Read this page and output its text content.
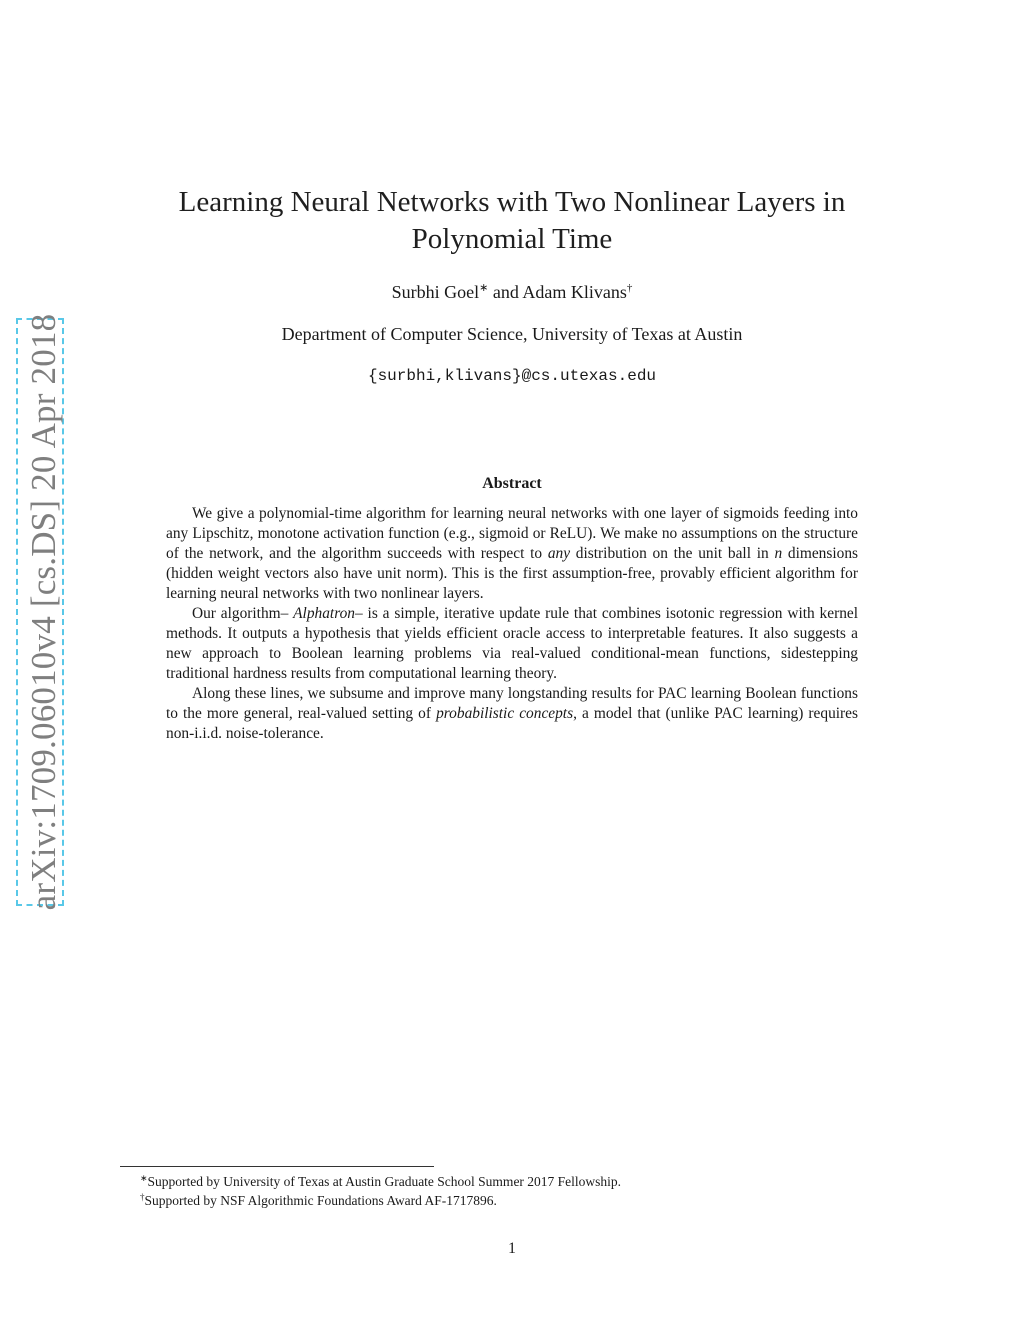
arXiv:1709.06010v4 [cs.DS] 20 Apr 2018
Learning Neural Networks with Two Nonlinear Layers in Polynomial Time
Surbhi Goel∗ and Adam Klivans†
Department of Computer Science, University of Texas at Austin
{surbhi,klivans}@cs.utexas.edu
Abstract

We give a polynomial-time algorithm for learning neural networks with one layer of sigmoids feeding into any Lipschitz, monotone activation function (e.g., sigmoid or ReLU). We make no assumptions on the structure of the network, and the algorithm succeeds with respect to any distribution on the unit ball in n dimensions (hidden weight vectors also have unit norm). This is the first assumption-free, provably efficient algorithm for learning neural networks with two nonlinear layers.

Our algorithm– Alphatron– is a simple, iterative update rule that combines isotonic regression with kernel methods. It outputs a hypothesis that yields efficient oracle access to interpretable features. It also suggests a new approach to Boolean learning problems via real-valued conditional-mean functions, sidestepping traditional hardness results from computational learning theory.

Along these lines, we subsume and improve many longstanding results for PAC learning Boolean functions to the more general, real-valued setting of probabilistic concepts, a model that (unlike PAC learning) requires non-i.i.d. noise-tolerance.

∗Supported by University of Texas at Austin Graduate School Summer 2017 Fellowship.
†Supported by NSF Algorithmic Foundations Award AF-1717896.
1
